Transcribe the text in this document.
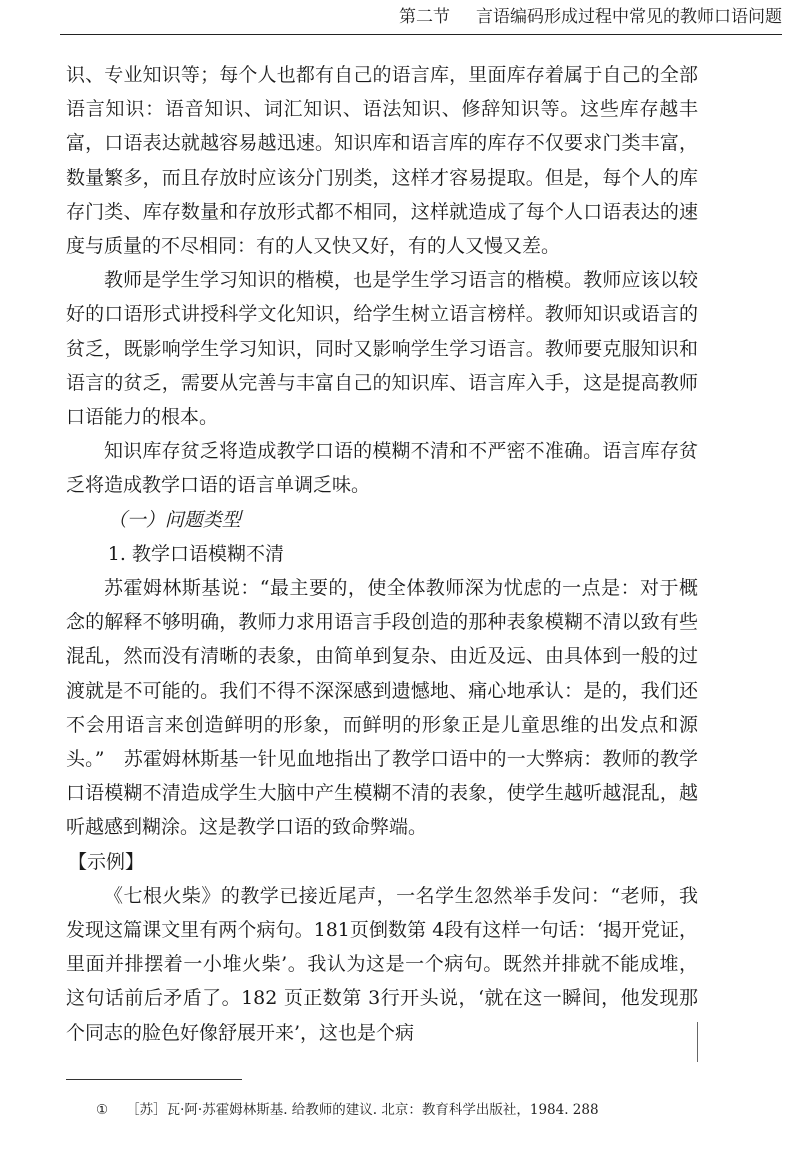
第二节 言语编码形成过程中常见的教师口语问题

识、专业知识等；每个人也都有自己的语言库，里面库存着属于自己的全部语言知识：语音知识、词汇知识、语法知识、修辞知识等。这些库存越丰富，口语表达就越容易越迅速。知识库和语言库的库存不仅要求门类丰富，数量繁多，而且存放时应该分门别类，这样才容易提取。但是，每个人的库存门类、库存数量和存放形式都不相同，这样就造成了每个人口语表达的速度与质量的不尽相同：有的人又快又好，有的人又慢又差。

教师是学生学习知识的楷模，也是学生学习语言的楷模。教师应该以较好的口语形式讲授科学文化知识，给学生树立语言榜样。教师知识或语言的贫乏，既影响学生学习知识，同时又影响学生学习语言。教师要克服知识和语言的贫乏，需要从完善与丰富自己的知识库、语言库入手，这是提高教师口语能力的根本。

知识库存贫乏将造成教学口语的模糊不清和不严密不准确。语言库存贫乏将造成教学口语的语言单调乏味。

（一）问题类型

1. 教学口语模糊不清

苏霍姆林斯基说：“最主要的，使全体教师深为忧虑的一点是：对于概念的解释不够明确，教师力求用语言手段创造的那种表象模糊不清以致有些混乱，然而没有清晰的表象，由简单到复杂、由近及远、由具体到一般的过渡就是不可能的。我们不得不深深感到遗憾地、痛心地承认：是的，我们还不会用语言来创造鲜明的形象，而鲜明的形象正是儿童思维的出发点和源头。”　苏霍姆林斯基一针见血地指出了教学口语中的一大弊病：教师的教学口语模糊不清造成学生大脑中产生模糊不清的表象，使学生越听越混乱，越听越感到糊涂。这是教学口语的致命弊端。

【示例】

《七根火柴》的教学已接近尾声，一名学生忽然举手发问：“老师，我发现这篇课文里有两个病句。181页倒数第 4段有这样一句话：‘揭开党证，里面并排摆着一小堆火柴’。我认为这是一个病句。既然并排就不能成堆，这句话前后矛盾了。182 页正数第 3行开头说，‘就在这一瞬间，他发现那个同志的脸色好像舒展开来’，这也是个病

① ［苏］瓦·阿·苏霍姆林斯基. 给教师的建议. 北京：教育科学出版社，1984. 288
